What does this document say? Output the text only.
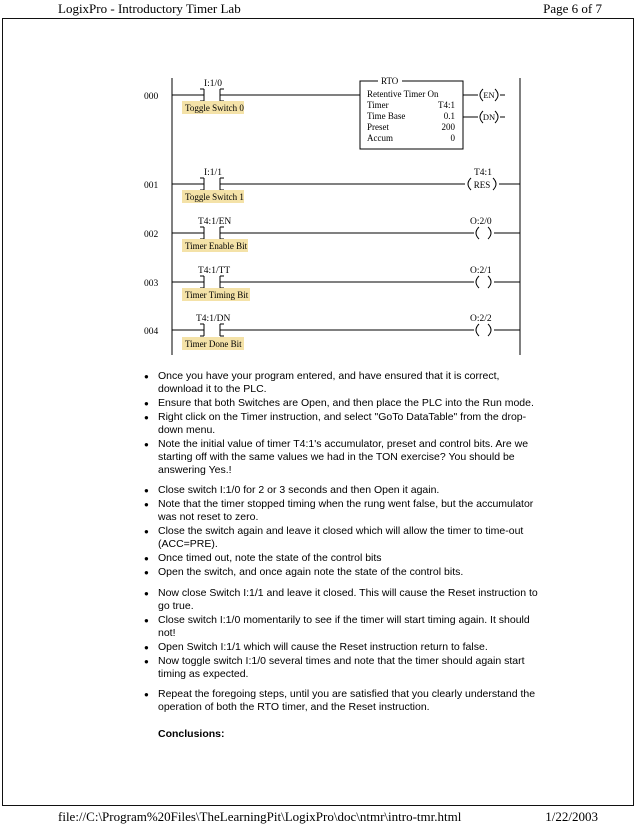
LogixPro - Introductory Timer Lab	Page 6 of 7
000
I:1/0
Toggle Switch 0
RTO
Retentive Timer On
Timer	T4:1
Time Base	0.1
Preset	200
Accum	0
EN
DN
001
I:1/1
Toggle Switch 1
T4:1
RES
002
T4:1/EN
Timer Enable Bit
O:2/0
003
T4:1/TT
Timer Timing Bit
O:2/1
004
T4:1/DN
Timer Done Bit
O:2/2
● Once you have your program entered, and have ensured that it is correct, download it to the PLC.
● Ensure that both Switches are Open, and then place the PLC into the Run mode.
● Right click on the Timer instruction, and select "GoTo DataTable" from the drop-down menu.
● Note the initial value of timer T4:1's accumulator, preset and control bits. Are we starting off with the same values we had in the TON exercise? You should be answering Yes.!
● Close switch I:1/0 for 2 or 3 seconds and then Open it again.
● Note that the timer stopped timing when the rung went false, but the accumulator was not reset to zero.
● Close the switch again and leave it closed which will allow the timer to time-out (ACC=PRE).
● Once timed out, note the state of the control bits
● Open the switch, and once again note the state of the control bits.
● Now close Switch I:1/1 and leave it closed. This will cause the Reset instruction to go true.
● Close switch I:1/0 momentarily to see if the timer will start timing again. It should not!
● Open Switch I:1/1 which will cause the Reset instruction return to false.
● Now toggle switch I:1/0 several times and note that the timer should again start timing as expected.
● Repeat the foregoing steps, until you are satisfied that you clearly understand the operation of both the RTO timer, and the Reset instruction.
Conclusions:
file://C:\Program%20Files\TheLearningPit\LogixPro\doc\ntmr\intro-tmr.html	1/22/2003
